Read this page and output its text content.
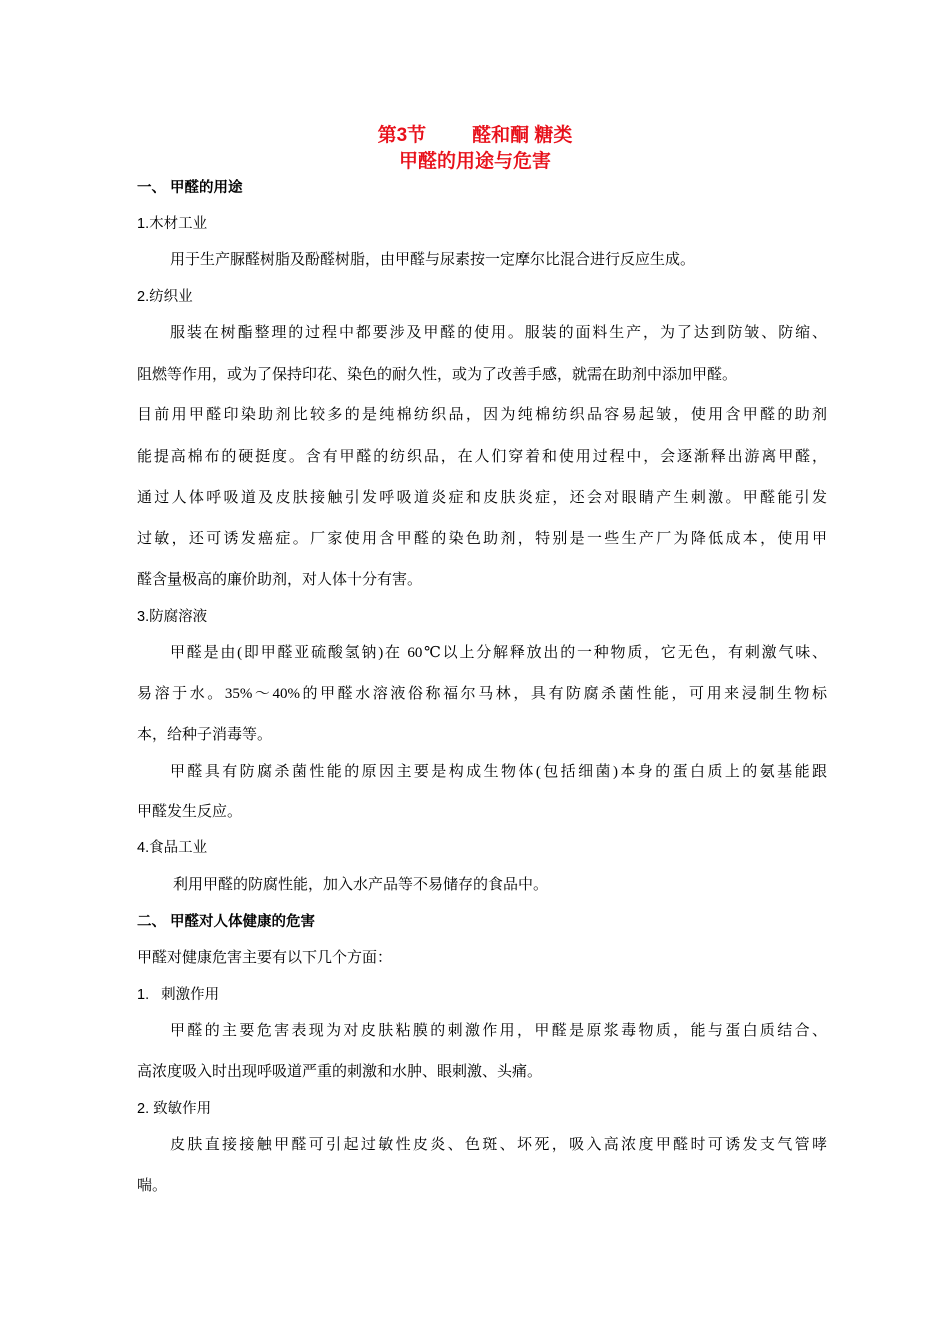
第3节 醛和酮 糖类
甲醛的用途与危害
一、 甲醛的用途
1.木材工业
用于生产脲醛树脂及酚醛树脂，由甲醛与尿素按一定摩尔比混合进行反应生成。
2.纺织业
服装在树酯整理的过程中都要涉及甲醛的使用。服装的面料生产，为了达到防皱、防缩、
阻燃等作用，或为了保持印花、染色的耐久性，或为了改善手感，就需在助剂中添加甲醛。
目前用甲醛印染助剂比较多的是纯棉纺织品，因为纯棉纺织品容易起皱，使用含甲醛的助剂
能提高棉布的硬挺度。含有甲醛的纺织品，在人们穿着和使用过程中，会逐渐释出游离甲醛，
通过人体呼吸道及皮肤接触引发呼吸道炎症和皮肤炎症，还会对眼睛产生刺激。甲醛能引发
过敏，还可诱发癌症。厂家使用含甲醛的染色助剂，特别是一些生产厂为降低成本，使用甲
醛含量极高的廉价助剂，对人体十分有害。
3.防腐溶液
甲醛是由(即甲醛亚硫酸氢钠)在 60℃以上分解释放出的一种物质，它无色，有刺激气味、
易溶于水。35%～40%的甲醛水溶液俗称福尔马林，具有防腐杀菌性能，可用来浸制生物标
本，给种子消毒等。
甲醛具有防腐杀菌性能的原因主要是构成生物体(包括细菌)本身的蛋白质上的氨基能跟
甲醛发生反应。
4.食品工业
利用甲醛的防腐性能，加入水产品等不易储存的食品中。
二、 甲醛对人体健康的危害
甲醛对健康危害主要有以下几个方面：
1.   刺激作用
甲醛的主要危害表现为对皮肤粘膜的刺激作用，甲醛是原浆毒物质，能与蛋白质结合、
高浓度吸入时出现呼吸道严重的刺激和水肿、眼刺激、头痛。
2. 致敏作用
皮肤直接接触甲醛可引起过敏性皮炎、色斑、坏死，吸入高浓度甲醛时可诱发支气管哮
喘。
